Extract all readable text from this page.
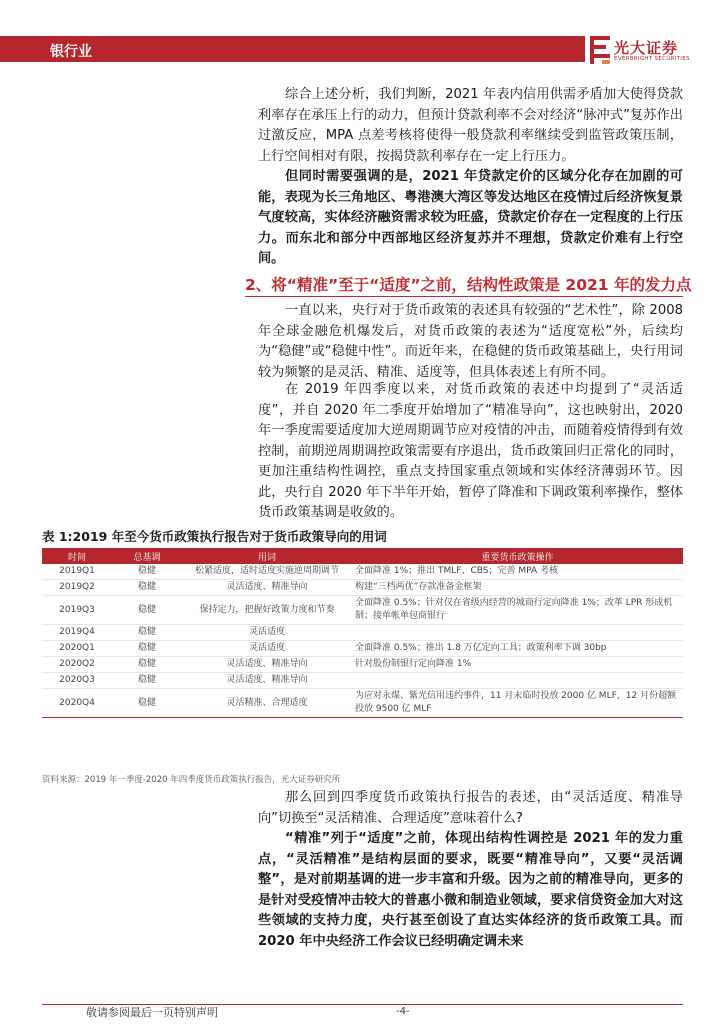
银行业	光大证券
EVERBRIGHT SECURITIES
综合上述分析，我们判断，2021 年表内信用供需矛盾加大使得贷款利率存在承压上行的动力，但预计贷款利率不会对经济“脉冲式”复苏作出过激反应，MPA 点差考核将使得一般贷款利率继续受到监管政策压制，上行空间相对有限，按揭贷款利率存在一定上行压力。
但同时需要强调的是，2021 年贷款定价的区域分化存在加剧的可能，表现为长三角地区、粤港澳大湾区等发达地区在疫情过后经济恢复景气度较高，实体经济融资需求较为旺盛，贷款定价存在一定程度的上行压力。而东北和部分中西部地区经济复苏并不理想，贷款定价难有上行空间。
2、将“精准”至于“适度”之前，结构性政策是 2021 年的发力点
一直以来，央行对于货币政策的表述具有较强的“艺术性”，除 2008 年全球金融危机爆发后，对货币政策的表述为“适度宽松”外，后续均为“稳健”或“稳健中性”。而近年来，在稳健的货币政策基础上，央行用词较为频繁的是灵活、精准、适度等，但具体表述上有所不同。
在 2019 年四季度以来，对货币政策的表述中均提到了“灵活适度”，并自 2020 年二季度开始增加了“精准导向”，这也映射出，2020 年一季度需要适度加大逆周期调节应对疫情的冲击，而随着疫情得到有效控制，前期逆周期调控政策需要有序退出，货币政策回归正常化的同时，更加注重结构性调控，重点支持国家重点领域和实体经济薄弱环节。因此，央行自 2020 年下半年开始，暂停了降准和下调政策利率操作，整体货币政策基调是收敛的。
表 1:2019 年至今货币政策执行报告对于货币政策导向的用词
时间	总基调	用词	重要货币政策操作
2019Q1	稳健	松紧适度，适时适度实施逆周期调节	全面降准 1%；推出 TMLF、CBS；完善 MPA 考核
2019Q2	稳健	灵活适度、精准导向	构建“三档两优”存款准备金框架
2019Q3	稳健	保持定力，把握好政策力度和节奏	全面降准 0.5%；针对仅在省级内经营的城商行定向降准 1%；改革 LPR 形成机制；接单帐单包商银行
2019Q4	稳健	灵活适度	
2020Q1	稳健	灵活适度	全面降准 0.5%；推出 1.8 万亿定向工具；政策利率下调 30bp
2020Q2	稳健	灵活适度、精准导向	针对股份制银行定向降准 1%
2020Q3	稳健	灵活适度、精准导向	
2020Q4	稳健	灵活精准、合理适度	为应对永煤、紫光信用违约事件，11 月末临时投放 2000 亿 MLF，12 月份超额投放 9500 亿 MLF
资料来源：2019 年一季度-2020 年四季度货币政策执行报告，光大证券研究所
那么回到四季度货币政策执行报告的表述，由“灵活适度、精准导向”切换至“灵活精准、合理适度”意味着什么?
“精准”列于“适度”之前，体现出结构性调控是 2021 年的发力重点，“灵活精准”是结构层面的要求，既要“精准导向”，又要“灵活调整”，是对前期基调的进一步丰富和升级。因为之前的精准导向，更多的是针对受疫情冲击较大的普惠小微和制造业领域，要求信贷资金加大对这些领域的支持力度，央行甚至创设了直达实体经济的货币政策工具。而 2020 年中央经济工作会议已经明确定调未来
敬请参阅最后一页特别声明	-4-
